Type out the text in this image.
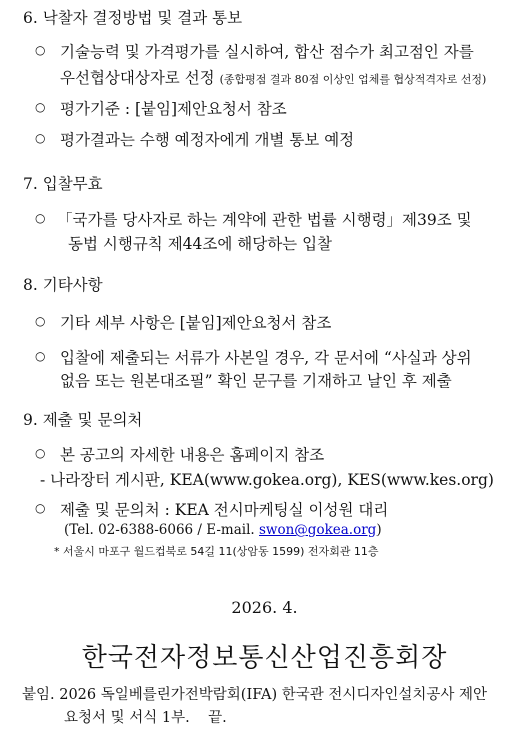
6. 낙찰자 결정방법 및 결과 통보
○ 기술능력 및 가격평가를 실시하여, 합산 점수가 최고점인 자를
우선협상대상자로 선정 (종합평점 결과 80점 이상인 업체를 협상적격자로 선정)
○ 평가기준 : [붙임]제안요청서 참조
○ 평가결과는 수행 예정자에게 개별 통보 예정
7. 입찰무효
○ 「국가를 당사자로 하는 계약에 관한 법률 시행령」제39조 및
동법 시행규칙 제44조에 해당하는 입찰
8. 기타사항
○ 기타 세부 사항은 [붙임]제안요청서 참조
○ 입찰에 제출되는 서류가 사본일 경우, 각 문서에 “사실과 상위
없음 또는 원본대조필” 확인 문구를 기재하고 날인 후 제출
9. 제출 및 문의처
○ 본 공고의 자세한 내용은 홈페이지 참조
- 나라장터 게시판, KEA(www.gokea.org), KES(www.kes.org)
○ 제출 및 문의처 : KEA 전시마케팅실 이성원 대리
(Tel. 02-6388-6066 / E-mail. swon@gokea.org)
* 서울시 마포구 월드컵북로 54길 11(상암동 1599) 전자회관 11층
2026. 4.
한국전자정보통신산업진흥회장
붙임. 2026 독일베를린가전박람회(IFA) 한국관 전시디자인설치공사 제안
요청서 및 서식 1부.    끝.
